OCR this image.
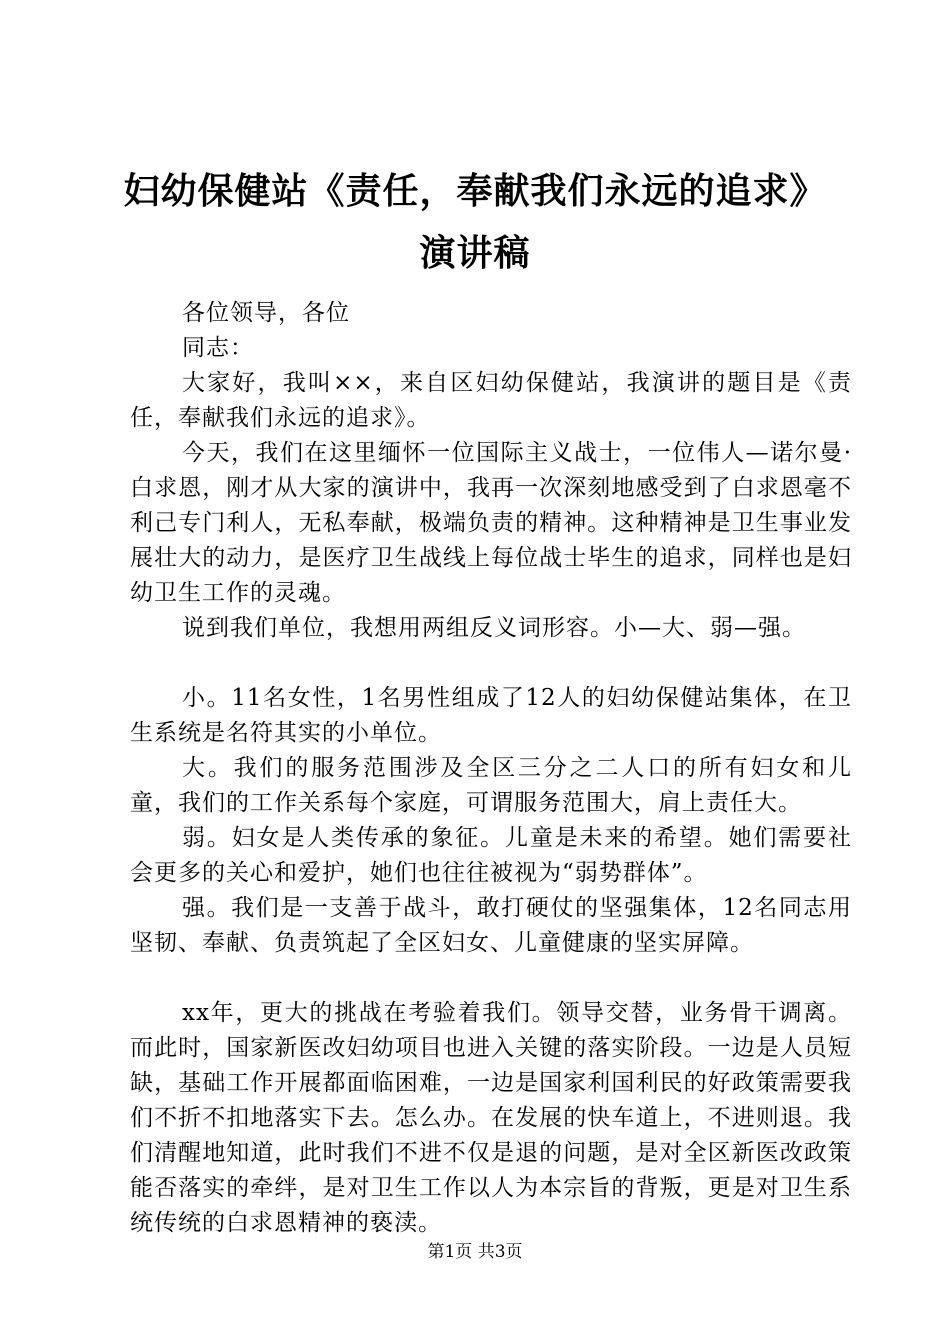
妇幼保健站《责任，奉献我们永远的追求》演讲稿

各位领导，各位

同志：

大家好，我叫××，来自区妇幼保健站，我演讲的题目是《责任，奉献我们永远的追求》。

今天，我们在这里缅怀一位国际主义战士，一位伟人—诺尔曼·白求恩，刚才从大家的演讲中，我再一次深刻地感受到了白求恩毫不利己专门利人，无私奉献，极端负责的精神。这种精神是卫生事业发展壮大的动力，是医疗卫生战线上每位战士毕生的追求，同样也是妇幼卫生工作的灵魂。

说到我们单位，我想用两组反义词形容。小—大、弱—强。

小。11名女性，1名男性组成了12人的妇幼保健站集体，在卫生系统是名符其实的小单位。

大。我们的服务范围涉及全区三分之二人口的所有妇女和儿童，我们的工作关系每个家庭，可谓服务范围大，肩上责任大。

弱。妇女是人类传承的象征。儿童是未来的希望。她们需要社会更多的关心和爱护，她们也往往被视为“弱势群体”。

强。我们是一支善于战斗，敢打硬仗的坚强集体，12名同志用坚韧、奉献、负责筑起了全区妇女、儿童健康的坚实屏障。

xx年，更大的挑战在考验着我们。领导交替，业务骨干调离。而此时，国家新医改妇幼项目也进入关键的落实阶段。一边是人员短缺，基础工作开展都面临困难，一边是国家利国利民的好政策需要我们不折不扣地落实下去。怎么办。在发展的快车道上，不进则退。我们清醒地知道，此时我们不进不仅是退的问题，是对全区新医改政策能否落实的牵绊，是对卫生工作以人为本宗旨的背叛，更是对卫生系统传统的白求恩精神的亵渎。

第1页 共3页
